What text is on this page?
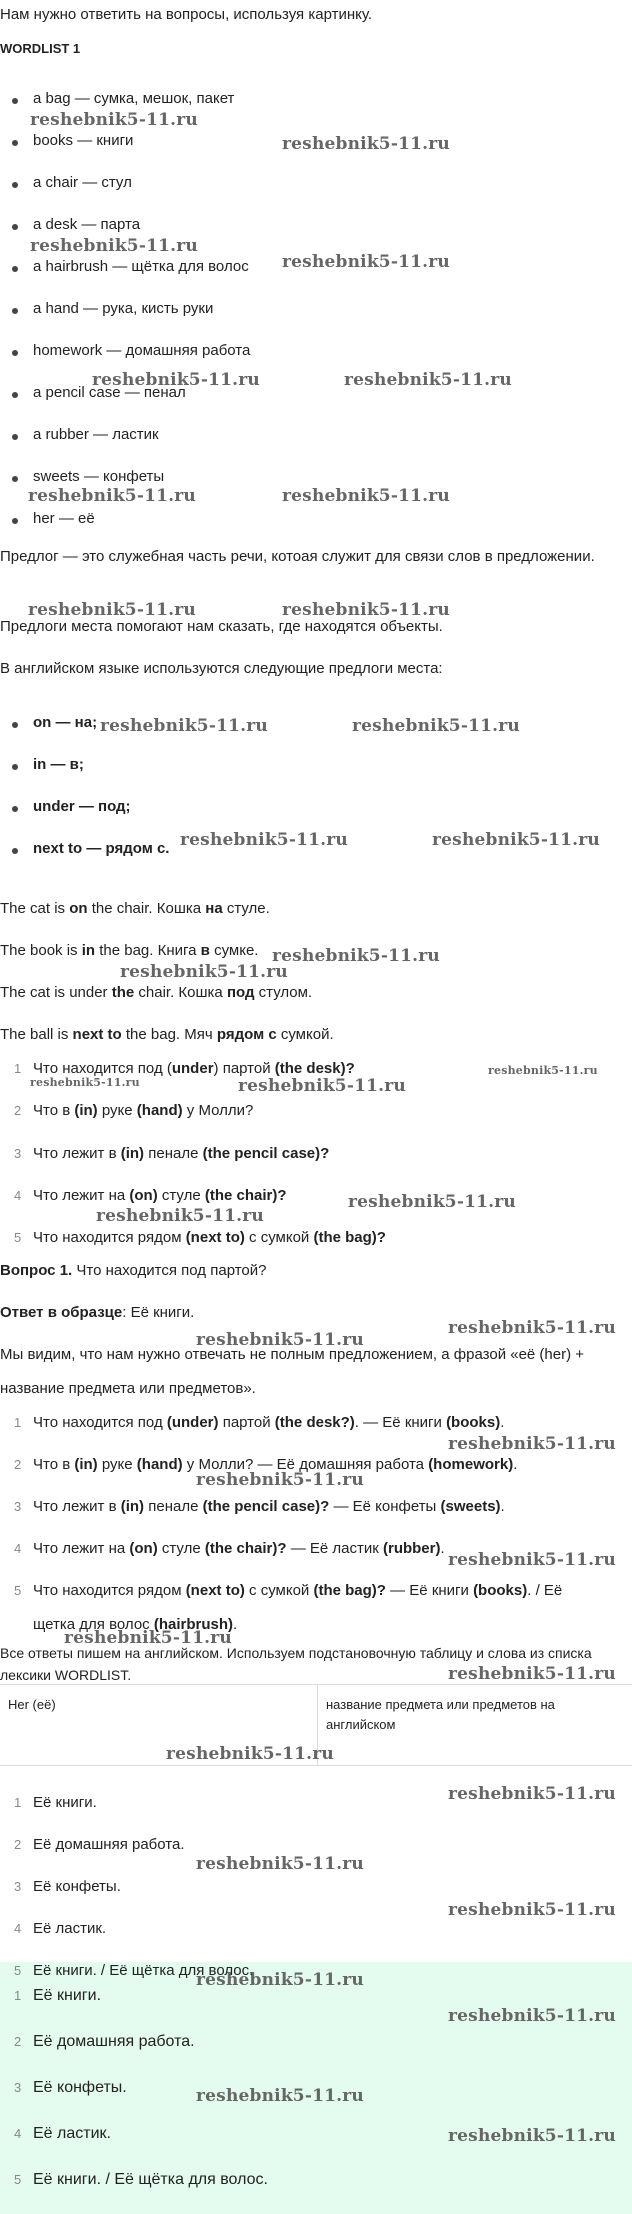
Нам нужно ответить на вопросы, используя картинку.
WORDLIST 1
a bag — сумка, мешок, пакет
books — книги
a chair — стул
a desk — парта
a hairbrush — щётка для волос
a hand — рука, кисть руки
homework — домашняя работа
a pencil case — пенал
a rubber — ластик
sweets — конфеты
her — её
Предлог — это служебная часть речи, котоая служит для связи слов в предложении.
Предлоги места помогают нам сказать, где находятся объекты.
В английском языке используются следующие предлоги места:
on — на;
in — в;
under — под;
next to — рядом с.
The cat is on the chair. Кошка на стуле.
The book is in the bag. Книга в сумке.
The cat is under the chair. Кошка под стулом.
The ball is next to the bag. Мяч рядом с сумкой.
1 Что находится под (under) партой (the desk)?
2 Что в (in) руке (hand) у Молли?
3 Что лежит в (in) пенале (the pencil case)?
4 Что лежит на (on) стуле (the chair)?
5 Что находится рядом (next to) с сумкой (the bag)?
Вопрос 1. Что находится под партой?
Ответ в образце: Её книги.
Мы видим, что нам нужно отвечать не полным предложением, а фразой «её (her) + название предмета или предметов».
1 Что находится под (under) партой (the desk?). — Её книги (books).
2 Что в (in) руке (hand) у Молли? — Её домашняя работа (homework).
3 Что лежит в (in) пенале (the pencil case)? — Её конфеты (sweets).
4 Что лежит на (on) стуле (the chair)? — Её ластик (rubber).
5 Что находится рядом (next to) с сумкой (the bag)? — Её книги (books). / Её
щетка для волос (hairbrush).
Все ответы пишем на английском. Используем подстановочную таблицу и слова из списка лексики WORDLIST.
Her (её)	название предмета или предметов на английском
1 Её книги.
2 Её домашняя работа.
3 Её конфеты.
4 Её ластик.
5 Её книги. / Её щётка для волос.
1 Её книги.
2 Её домашняя работа.
3 Её конфеты.
4 Её ластик.
5 Её книги. / Её щётка для волос.
reshebnik5-11.ru
reshebnik5-11.ru
reshebnik5-11.ru
reshebnik5-11.ru
reshebnik5-11.ru	reshebnik5-11.ru
reshebnik5-11.ru	reshebnik5-11.ru
reshebnik5-11.ru	reshebnik5-11.ru
reshebnik5-11.ru	reshebnik5-11.ru
reshebnik5-11.ru	reshebnik5-11.ru
reshebnik5-11.ru
reshebnik5-11.ru
reshebnik5-11.ru
reshebnik5-11.ru	reshebnik5-11.ru
reshebnik5-11.ru
reshebnik5-11.ru
reshebnik5-11.ru
reshebnik5-11.ru
reshebnik5-11.ru
reshebnik5-11.ru
reshebnik5-11.ru
reshebnik5-11.ru
reshebnik5-11.ru
reshebnik5-11.ru
reshebnik5-11.ru
reshebnik5-11.ru
reshebnik5-11.ru
reshebnik5-11.ru
reshebnik5-11.ru
reshebnik5-11.ru
reshebnik5-11.ru
